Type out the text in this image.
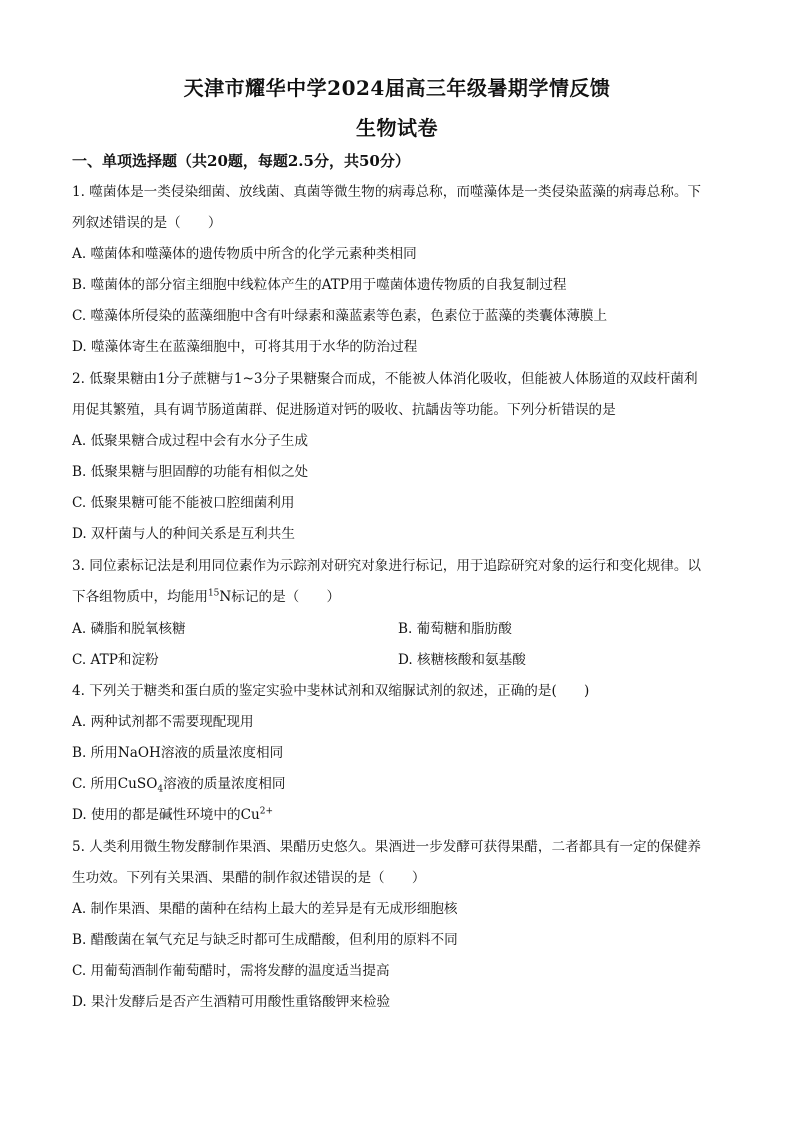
天津市耀华中学2024届高三年级暑期学情反馈
生物试卷
一、单项选择题（共20题，每题2.5分，共50分）
1. 噬菌体是一类侵染细菌、放线菌、真菌等微生物的病毒总称，而噬藻体是一类侵染蓝藻的病毒总称。下
列叙述错误的是（　　）
A. 噬菌体和噬藻体的遗传物质中所含的化学元素种类相同
B. 噬菌体的部分宿主细胞中线粒体产生的ATP用于噬菌体遗传物质的自我复制过程
C. 噬藻体所侵染的蓝藻细胞中含有叶绿素和藻蓝素等色素，色素位于蓝藻的类囊体薄膜上
D. 噬藻体寄生在蓝藻细胞中，可将其用于水华的防治过程
2. 低聚果糖由1分子蔗糖与1~3分子果糖聚合而成，不能被人体消化吸收，但能被人体肠道的双歧杆菌利
用促其繁殖，具有调节肠道菌群、促进肠道对钙的吸收、抗龋齿等功能。下列分析错误的是
A. 低聚果糖合成过程中会有水分子生成
B. 低聚果糖与胆固醇的功能有相似之处
C. 低聚果糖可能不能被口腔细菌利用
D. 双杆菌与人的种间关系是互利共生
3. 同位素标记法是利用同位素作为示踪剂对研究对象进行标记，用于追踪研究对象的运行和变化规律。以
下各组物质中，均能用$^{15}$N标记的是（　　）
A. 磷脂和脱氧核糖	B. 葡萄糖和脂肪酸
C. ATP和淀粉	D. 核糖核酸和氨基酸
4. 下列关于糖类和蛋白质的鉴定实验中斐林试剂和双缩脲试剂的叙述，正确的是(　　)
A. 两种试剂都不需要现配现用
B. 所用NaOH溶液的质量浓度相同
C. 所用CuSO$_4$溶液的质量浓度相同
D. 使用的都是碱性环境中的$Cu^{2+}$
5. 人类利用微生物发酵制作果酒、果醋历史悠久。果酒进一步发酵可获得果醋，二者都具有一定的保健养
生功效。下列有关果酒、果醋的制作叙述错误的是（　　）
A. 制作果酒、果醋的菌种在结构上最大的差异是有无成形细胞核
B. 醋酸菌在氧气充足与缺乏时都可生成醋酸，但利用的原料不同
C. 用葡萄酒制作葡萄醋时，需将发酵的温度适当提高
D. 果汁发酵后是否产生酒精可用酸性重铬酸钾来检验
